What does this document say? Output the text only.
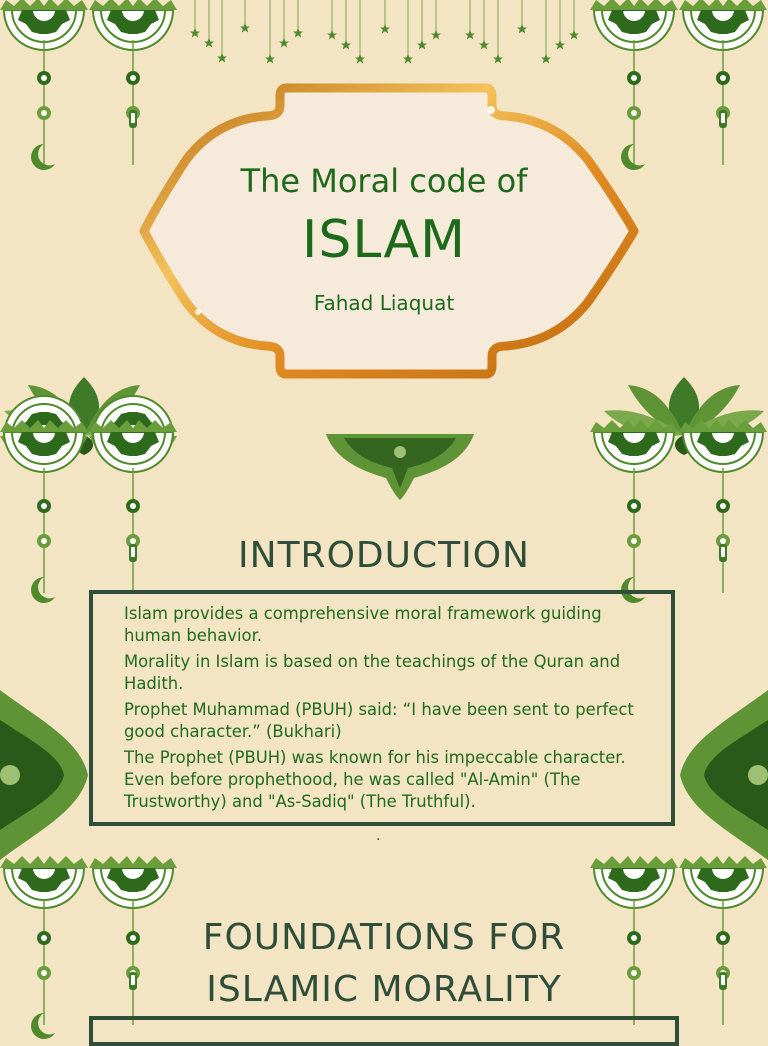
The Moral code of
ISLAM
Fahad Liaquat
INTRODUCTION
Islam provides a comprehensive moral framework guiding human behavior.
Morality in Islam is based on the teachings of the Quran and Hadith.
Prophet Muhammad (PBUH) said: “I have been sent to perfect good character.” (Bukhari)
The Prophet (PBUH) was known for his impeccable character. Even before prophethood, he was called "Al-Amin" (The Trustworthy) and "As-Sadiq" (The Truthful).
.
FOUNDATIONS FOR
ISLAMIC MORALITY
